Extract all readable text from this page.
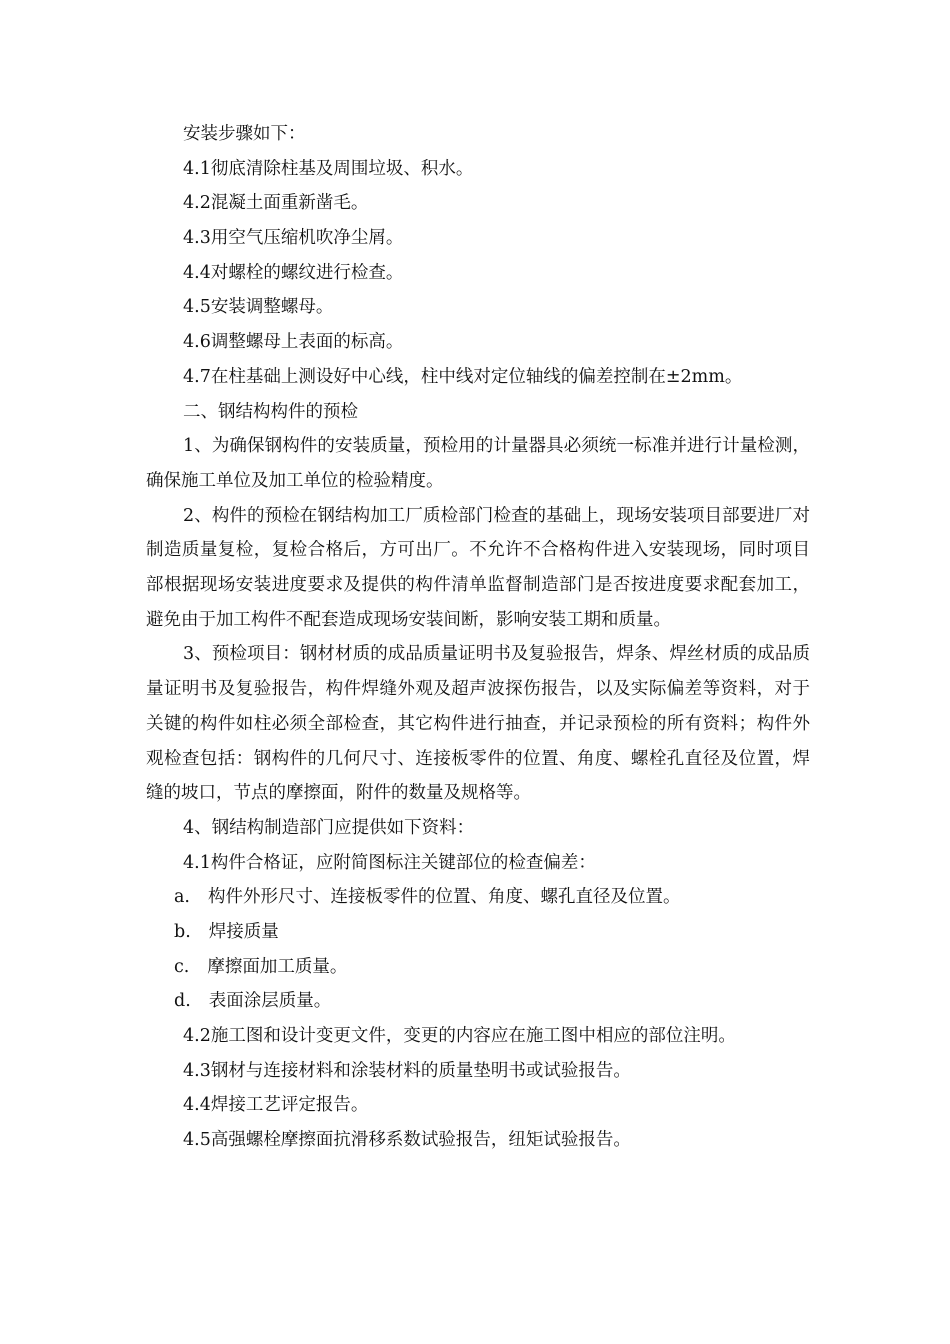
安装步骤如下：
4.1彻底清除柱基及周围垃圾、积水。
4.2混凝土面重新凿毛。
4.3用空气压缩机吹净尘屑。
4.4对螺栓的螺纹进行检查。
4.5安装调整螺母。
4.6调整螺母上表面的标高。
4.7在柱基础上测设好中心线，柱中线对定位轴线的偏差控制在±2mm。
二、钢结构构件的预检
1、为确保钢构件的安装质量，预检用的计量器具必须统一标准并进行计量检测，确保施工单位及加工单位的检验精度。
2、构件的预检在钢结构加工厂质检部门检查的基础上，现场安装项目部要进厂对制造质量复检，复检合格后，方可出厂。不允许不合格构件进入安装现场，同时项目部根据现场安装进度要求及提供的构件清单监督制造部门是否按进度要求配套加工，避免由于加工构件不配套造成现场安装间断，影响安装工期和质量。
3、预检项目：钢材材质的成品质量证明书及复验报告，焊条、焊丝材质的成品质量证明书及复验报告，构件焊缝外观及超声波探伤报告，以及实际偏差等资料，对于关键的构件如柱必须全部检查，其它构件进行抽查，并记录预检的所有资料；构件外观检查包括：钢构件的几何尺寸、连接板零件的位置、角度、螺栓孔直径及位置，焊缝的坡口，节点的摩擦面，附件的数量及规格等。
4、钢结构制造部门应提供如下资料：
4.1构件合格证，应附简图标注关键部位的检查偏差：
a. 构件外形尺寸、连接板零件的位置、角度、螺孔直径及位置。
b. 焊接质量
c. 摩擦面加工质量。
d. 表面涂层质量。
4.2施工图和设计变更文件，变更的内容应在施工图中相应的部位注明。
4.3钢材与连接材料和涂装材料的质量垫明书或试验报告。
4.4焊接工艺评定报告。
4.5高强螺栓摩擦面抗滑移系数试验报告，纽矩试验报告。
